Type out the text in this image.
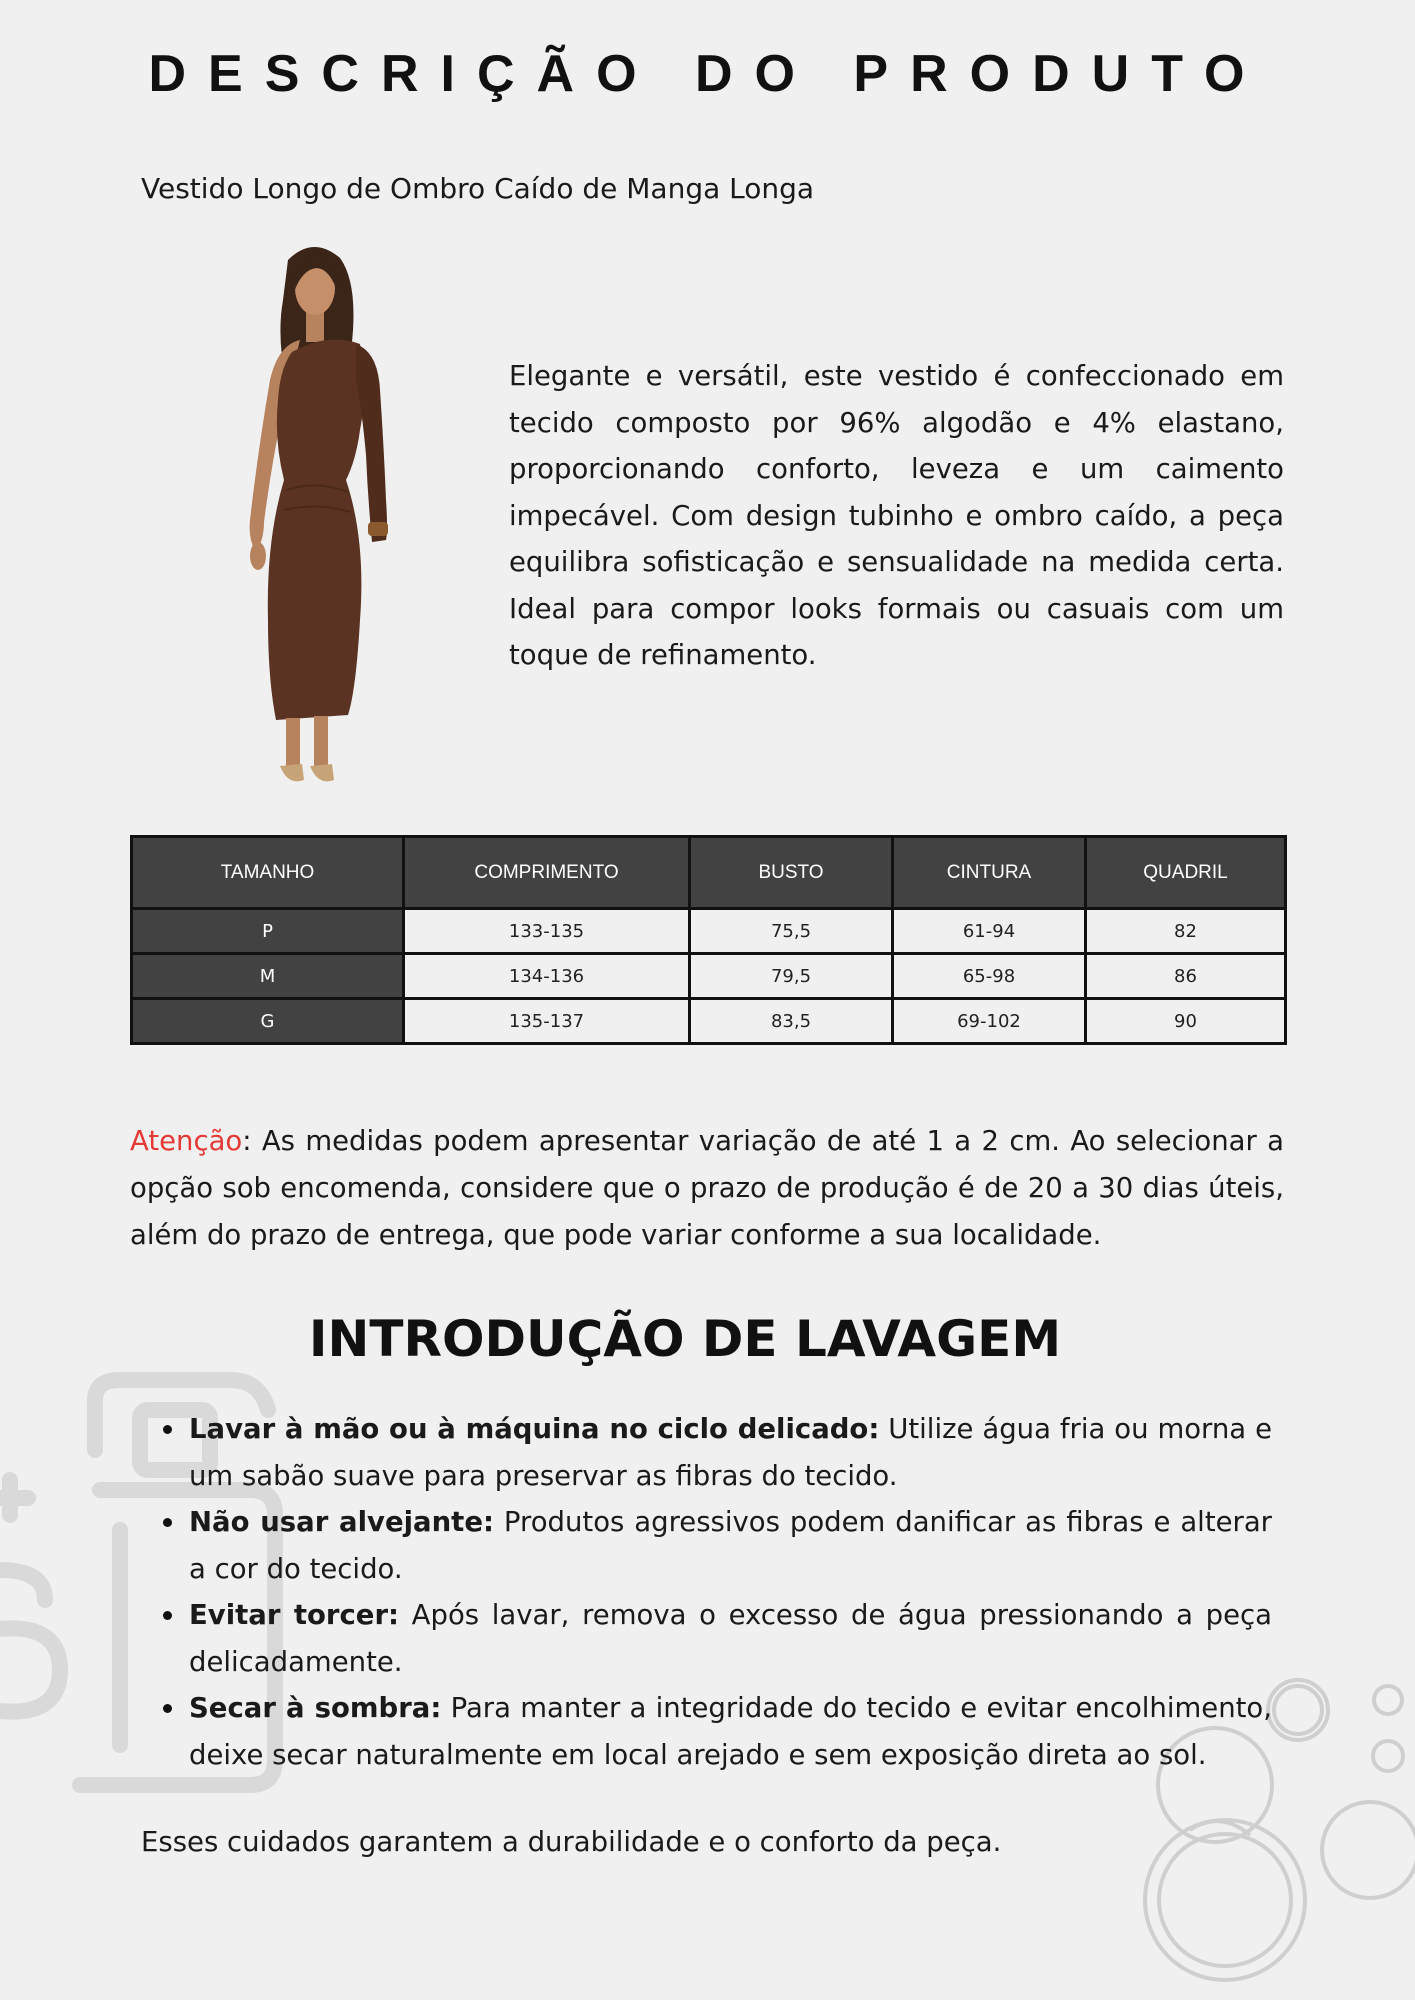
DESCRIÇÃO DO PRODUTO

Vestido Longo de Ombro Caído de Manga Longa

Elegante e versátil, este vestido é confeccionado em tecido composto por 96% algodão e 4% elastano, proporcionando conforto, leveza e um caimento impecável. Com design tubinho e ombro caído, a peça equilibra sofisticação e sensualidade na medida certa. Ideal para compor looks formais ou casuais com um toque de refinamento.

TAMANHO	COMPRIMENTO	BUSTO	CINTURA	QUADRIL
P	133-135	75,5	61-94	82
M	134-136	79,5	65-98	86
G	135-137	83,5	69-102	90

Atenção: As medidas podem apresentar variação de até 1 a 2 cm. Ao selecionar a opção sob encomenda, considere que o prazo de produção é de 20 a 30 dias úteis, além do prazo de entrega, que pode variar conforme a sua localidade.

INTRODUÇÃO DE LAVAGEM
Lavar à mão ou à máquina no ciclo delicado: Utilize água fria ou morna e um sabão suave para preservar as fibras do tecido.
Não usar alvejante: Produtos agressivos podem danificar as fibras e alterar a cor do tecido.
Evitar torcer: Após lavar, remova o excesso de água pressionando a peça delicadamente.
Secar à sombra: Para manter a integridade do tecido e evitar encolhimento, deixe secar naturalmente em local arejado e sem exposição direta ao sol.

Esses cuidados garantem a durabilidade e o conforto da peça.
